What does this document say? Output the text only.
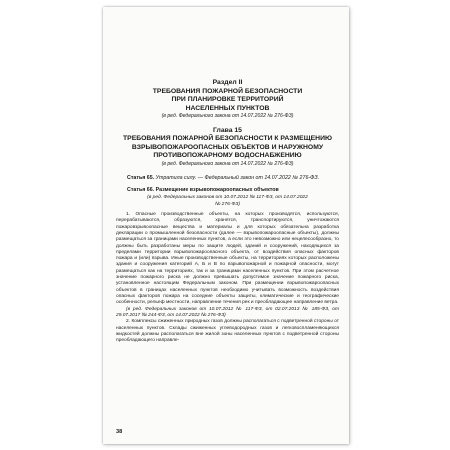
Раздел II
ТРЕБОВАНИЯ ПОЖАРНОЙ БЕЗОПАСНОСТИ
ПРИ ПЛАНИРОВКЕ ТЕРРИТОРИЙ
НАСЕЛЕННЫХ ПУНКТОВ
(в ред. Федерального закона от 14.07.2022 № 276-ФЗ)
Глава 15
ТРЕБОВАНИЯ ПОЖАРНОЙ БЕЗОПАСНОСТИ К РАЗМЕЩЕНИЮ
ВЗРЫВОПОЖАРООПАСНЫХ ОБЪЕКТОВ И НАРУЖНОМУ
ПРОТИВОПОЖАРНОМУ ВОДОСНАБЖЕНИЮ
(в ред. Федерального закона от 14.07.2022 № 276-ФЗ)
Статья 65. Утратила силу. — Федеральный закон от 14.07.2022 № 276-ФЗ.
Статья 66. Размещение взрывопожароопасных объектов
(в ред. Федеральных законов от 10.07.2012 № 117-ФЗ, от 14.07.2022
№ 276-ФЗ)

1. Опасные производственные объекты, на которых производятся, используются, перерабатываются, образуются, хранятся, транспортируются, уничтожаются пожаровзрывоопасные вещества и материалы и для которых обязательна разработка декларации о промышленной безопасности (далее — взрывопожароопасные объекты), должны размещаться за границами населенных пунктов, а если это невозможно или нецелесообразно, то должны быть разработаны меры по защите людей, зданий и сооружений, находящихся за пределами территории взрывопожароопасного объекта, от воздействия опасных факторов пожара и (или) взрыва. Иные производственные объекты, на территориях которых расположены здания и сооружения категорий А, Б и В по взрывопожарной и пожарной опасности, могут размещаться как на территориях, так и за границами населенных пунктов. При этом расчетное значение пожарного риска не должно превышать допустимое значение пожарного риска, установленное настоящим Федеральным законом. При размещении взрывопожароопасных объектов в границах населенных пунктов необходимо учитывать возможность воздействия опасных факторов пожара на соседние объекты защиты, климатические и географические особенности, рельеф местности, направление течения рек и преобладающее направление ветра.

(в ред. Федеральных законов от 10.07.2012 № 117-ФЗ, от 02.07.2013 № 185-ФЗ, от 29.07.2017 № 244-ФЗ, от 14.07.2022 № 276-ФЗ)

2. Комплексы сжиженных природных газов должны располагаться с подветренной стороны от населенных пунктов. Склады сжиженных углеводородных газов и легковоспламеняющихся жидкостей должны располагаться вне жилой зоны населенных пунктов с подветренной стороны преобладающего направле-

38
